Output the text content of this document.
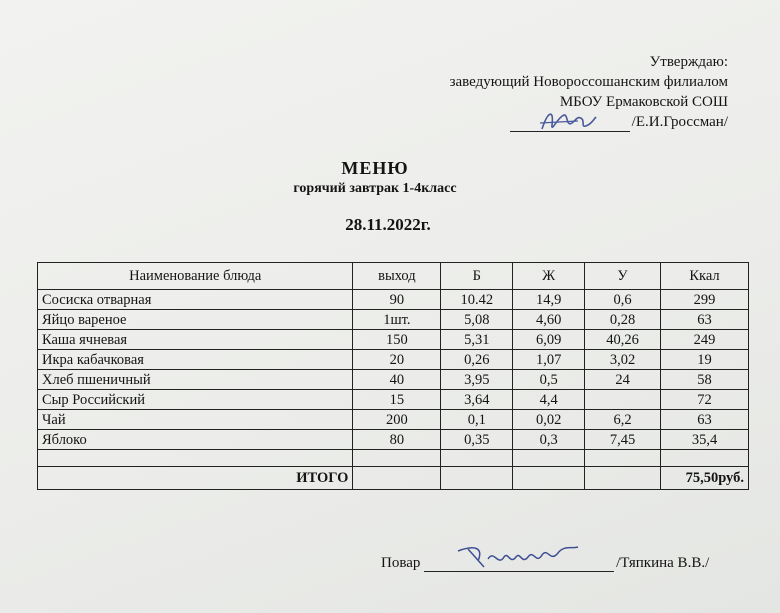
Утверждаю:
заведующий Новороссошанским филиалом
МБОУ Ермаковской СОШ
/Е.И.Гроссман/
МЕНЮ
горячий завтрак 1-4класс
28.11.2022г.
Наименование блюда	выход	Б	Ж	У	Ккал
Сосиска отварная	90	10.42	14,9	0,6	299
Яйцо вареное	1шт.	5,08	4,60	0,28	63
Каша ячневая	150	5,31	6,09	40,26	249
Икра кабачковая	20	0,26	1,07	3,02	19
Хлеб пшеничный	40	3,95	0,5	24	58
Сыр Российский	15	3,64	4,4		72
Чай	200	0,1	0,02	6,2	63
Яблоко	80	0,35	0,3	7,45	35,4

ИТОГО					75,50руб.
Повар	/Тяпкина В.В./
